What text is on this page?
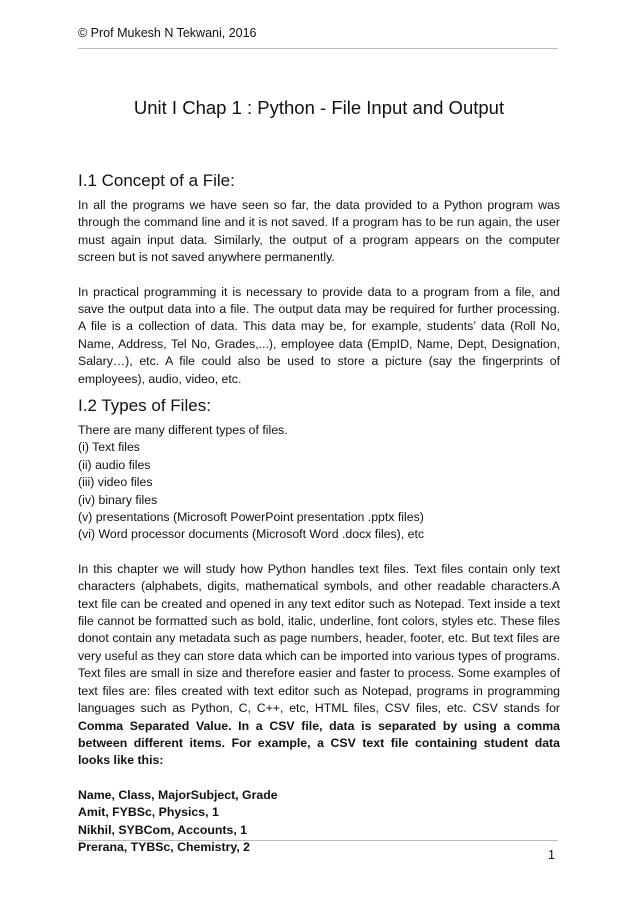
© Prof Mukesh N Tekwani, 2016
Unit I Chap 1 : Python - File Input and Output

I.1 Concept of a File:

In all the programs we have seen so far, the data provided to a Python program was through the command line and it is not saved. If a program has to be run again, the user must again input data. Similarly, the output of a program appears on the computer screen but is not saved anywhere permanently.

In practical programming it is necessary to provide data to a program from a file, and save the output data into a file. The output data may be required for further processing. A file is a collection of data. This data may be, for example, students’ data (Roll No, Name, Address, Tel No, Grades,...), employee data (EmpID, Name, Dept, Designation, Salary…), etc. A file could also be used to store a picture (say the fingerprints of employees), audio, video, etc.

I.2 Types of Files:

There are many different types of files.

(i) Text files

(ii) audio files

(iii) video files

(iv) binary files

(v) presentations (Microsoft PowerPoint presentation .pptx files)

(vi) Word processor documents (Microsoft Word .docx files), etc

In this chapter we will study how Python handles text files. Text files contain only text characters (alphabets, digits, mathematical symbols, and other readable characters.A text file can be created and opened in any text editor such as Notepad. Text inside a text file cannot be formatted such as bold, italic, underline, font colors, styles etc. These files donot contain any metadata such as page numbers, header, footer, etc. But text files are very useful as they can store data which can be imported into various types of programs. Text files are small in size and therefore easier and faster to process. Some examples of text files are: files created with text editor such as Notepad, programs in programming languages such as Python, C, C++, etc, HTML files, CSV files, etc. CSV stands for Comma Separated Value. In a CSV file, data is separated by using a comma between different items. For example, a CSV text file containing student data looks like this:

Name, Class, MajorSubject, Grade

Amit, FYBSc, Physics, 1

Nikhil, SYBCom, Accounts, 1

Prerana, TYBSc, Chemistry, 2

1
